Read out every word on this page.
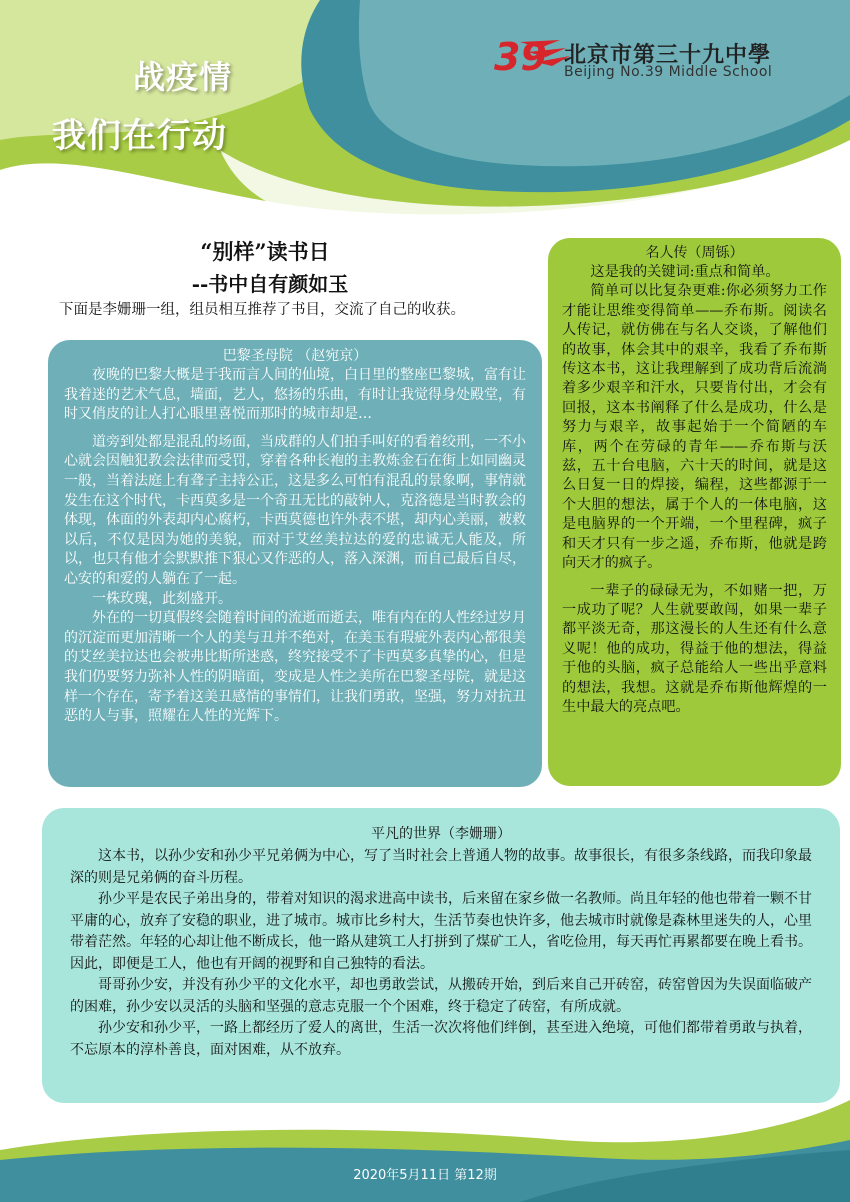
战疫情
我们在行动
39 北京市第三十九中學
Beijing No.39 Middle School
“别样”读书日
--书中自有颜如玉
下面是李姗珊一组，组员相互推荐了书目，交流了自己的收获。
巴黎圣母院 （赵宛京）

夜晚的巴黎大概是于我而言人间的仙境，白日里的整座巴黎城，富有让我着迷的艺术气息，墙面，艺人，悠扬的乐曲，有时让我觉得身处殿堂，有时又俏皮的让人打心眼里喜悦而那时的城市却是…

道旁到处都是混乱的场面，当成群的人们拍手叫好的看着绞刑，一不小心就会因触犯教会法律而受罚，穿着各种长袍的主教炼金石在街上如同幽灵一般，当着法庭上有聋子主持公正，这是多么可怕有混乱的景象啊，事情就发生在这个时代，卡西莫多是一个奇丑无比的敲钟人，克洛德是当时教会的体现，体面的外表却内心腐朽，卡西莫德也许外表不堪，却内心美丽，被救以后，不仅是因为她的美貌，而对于艾丝美拉达的爱的忠诚无人能及，所以，也只有他才会默默推下狠心又作恶的人，落入深渊，而自己最后自尽，心安的和爱的人躺在了一起。

一株玫瑰，此刻盛开。

外在的一切真假终会随着时间的流逝而逝去，唯有内在的人性经过岁月的沉淀而更加清晰一个人的美与丑并不绝对，在美玉有瑕疵外表内心都很美的艾丝美拉达也会被弗比斯所迷惑，终究接受不了卡西莫多真挚的心，但是我们仍要努力弥补人性的阴暗面，变成是人性之美所在巴黎圣母院，就是这样一个存在，寄予着这美丑感情的事情们，让我们勇敢，坚强，努力对抗丑恶的人与事，照耀在人性的光辉下。

名人传（周铄）

这是我的关键词:重点和简单。

简单可以比复杂更难:你必须努力工作才能让思维变得简单——乔布斯。阅读名人传记，就仿佛在与名人交谈，了解他们的故事，体会其中的艰辛，我看了乔布斯传这本书，这让我理解到了成功背后流淌着多少艰辛和汗水，只要肯付出，才会有回报，这本书阐释了什么是成功，什么是努力与艰辛，故事起始于一个简陋的车库，两个在劳碌的青年——乔布斯与沃兹，五十台电脑，六十天的时间，就是这么日复一日的焊接，编程，这些都源于一个大胆的想法，属于个人的一体电脑，这是电脑界的一个开端，一个里程碑，疯子和天才只有一步之遥，乔布斯，他就是跨向天才的疯子。

一辈子的碌碌无为，不如赌一把，万一成功了呢？人生就要敢闯，如果一辈子都平淡无奇，那这漫长的人生还有什么意义呢！他的成功，得益于他的想法，得益于他的头脑，疯子总能给人一些出乎意料的想法，我想。这就是乔布斯他辉煌的一生中最大的亮点吧。

平凡的世界（李姗珊）

这本书，以孙少安和孙少平兄弟俩为中心，写了当时社会上普通人物的故事。故事很长，有很多条线路，而我印象最深的则是兄弟俩的奋斗历程。

孙少平是农民子弟出身的，带着对知识的渴求进高中读书，后来留在家乡做一名教师。尚且年轻的他也带着一颗不甘平庸的心，放弃了安稳的职业，进了城市。城市比乡村大，生活节奏也快许多，他去城市时就像是森林里迷失的人，心里带着茫然。年轻的心却让他不断成长，他一路从建筑工人打拼到了煤矿工人，省吃俭用，每天再忙再累都要在晚上看书。因此，即便是工人，他也有开阔的视野和自己独特的看法。

哥哥孙少安，并没有孙少平的文化水平，却也勇敢尝试，从搬砖开始，到后来自己开砖窑，砖窑曾因为失误面临破产的困难，孙少安以灵活的头脑和坚强的意志克服一个个困难，终于稳定了砖窑，有所成就。

孙少安和孙少平，一路上都经历了爱人的离世，生活一次次将他们绊倒，甚至进入绝境，可他们都带着勇敢与执着，不忘原本的淳朴善良，面对困难，从不放弃。

2020年5月11日 第12期
